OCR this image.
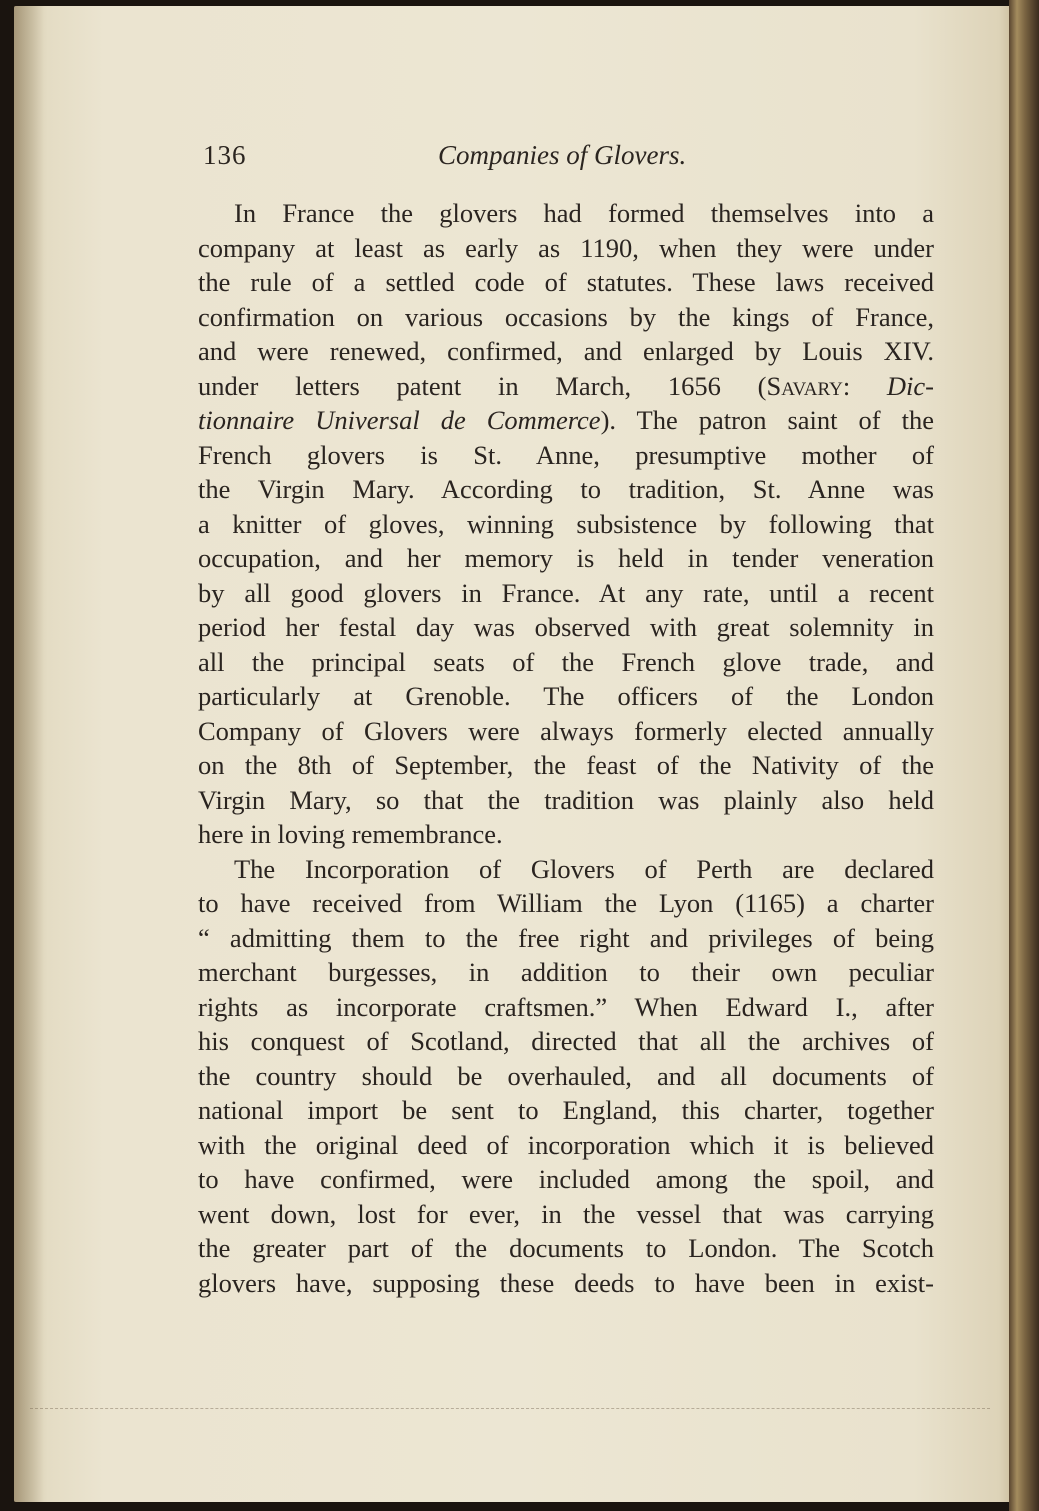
136	Companies of Glovers.
In France the glovers had formed themselves into a
company at least as early as 1190, when they were under
the rule of a settled code of statutes. These laws received
confirmation on various occasions by the kings of France,
and were renewed, confirmed, and enlarged by Louis XIV.
under letters patent in March, 1656 (Savary: Dic-
tionnaire Universal de Commerce). The patron saint of the
French glovers is St. Anne, presumptive mother of
the Virgin Mary. According to tradition, St. Anne was
a knitter of gloves, winning subsistence by following that
occupation, and her memory is held in tender veneration
by all good glovers in France. At any rate, until a recent
period her festal day was observed with great solemnity in
all the principal seats of the French glove trade, and
particularly at Grenoble. The officers of the London
Company of Glovers were always formerly elected annually
on the 8th of September, the feast of the Nativity of the
Virgin Mary, so that the tradition was plainly also held
here in loving remembrance.
The Incorporation of Glovers of Perth are declared
to have received from William the Lyon (1165) a charter
“ admitting them to the free right and privileges of being
merchant burgesses, in addition to their own peculiar
rights as incorporate craftsmen.” When Edward I., after
his conquest of Scotland, directed that all the archives of
the country should be overhauled, and all documents of
national import be sent to England, this charter, together
with the original deed of incorporation which it is believed
to have confirmed, were included among the spoil, and
went down, lost for ever, in the vessel that was carrying
the greater part of the documents to London. The Scotch
glovers have, supposing these deeds to have been in exist-
